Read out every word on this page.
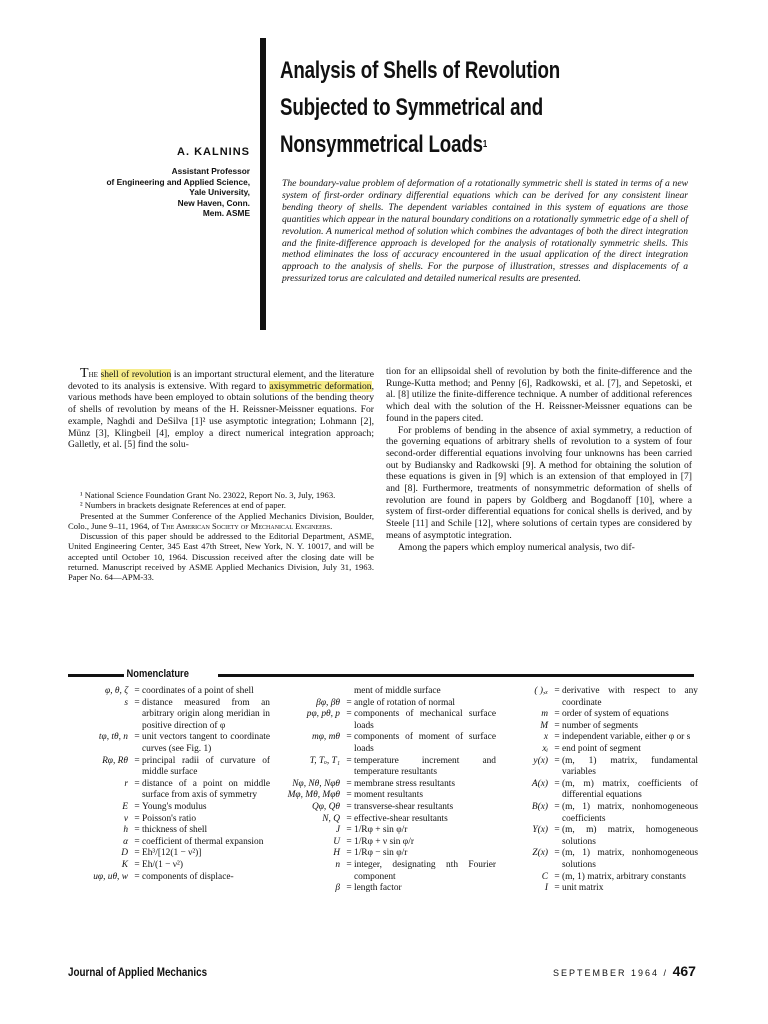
A. KALNINS
Assistant Professor
of Engineering and Applied Science,
Yale University,
New Haven, Conn.
Mem. ASME
Analysis of Shells of Revolution
Subjected to Symmetrical and
Nonsymmetrical Loads$^1$
The boundary-value problem of deformation of a rotationally symmetric shell is stated in terms of a new system of first-order ordinary differential equations which can be derived for any consistent linear bending theory of shells. The dependent variables contained in this system of equations are those quantities which appear in the natural boundary conditions on a rotationally symmetric edge of a shell of revolution. A numerical method of solution which combines the advantages of both the direct integration and the finite-difference approach is developed for the analysis of rotationally symmetric shells. This method eliminates the loss of accuracy encountered in the usual application of the direct integration approach to the analysis of shells. For the purpose of illustration, stresses and displacements of a pressurized torus are calculated and detailed numerical results are presented.

The shell of revolution is an important structural element, and the literature devoted to its analysis is extensive. With regard to axisymmetric deformation, various methods have been employed to obtain solutions of the bending theory of shells of revolution by means of the H. Reissner-Meissner equations. For example, Naghdi and DeSilva [1]² use asymptotic integration; Lohmann [2], Münz [3], Klingbeil [4], employ a direct numerical integration approach; Galletly, et al. [5] find the solu-

¹ National Science Foundation Grant No. 23022, Report No. 3, July, 1963.

² Numbers in brackets designate References at end of paper.

Presented at the Summer Conference of the Applied Mechanics Division, Boulder, Colo., June 9–11, 1964, of The American Society of Mechanical Engineers.

Discussion of this paper should be addressed to the Editorial Department, ASME, United Engineering Center, 345 East 47th Street, New York, N. Y. 10017, and will be accepted until October 10, 1964. Discussion received after the closing date will be returned. Manuscript received by ASME Applied Mechanics Division, July 31, 1963. Paper No. 64—APM-33.

tion for an ellipsoidal shell of revolution by both the finite-difference and the Runge-Kutta method; and Penny [6], Radkowski, et al. [7], and Sepetoski, et al. [8] utilize the finite-difference technique. A number of additional references which deal with the solution of the H. Reissner-Meissner equations can be found in the papers cited.

For problems of bending in the absence of axial symmetry, a reduction of the governing equations of arbitrary shells of revolution to a system of four second-order differential equations involving four unknowns has been carried out by Budiansky and Radkowski [9]. A method for obtaining the solution of these equations is given in [9] which is an extension of that employed in [7] and [8]. Furthermore, treatments of nonsymmetric deformation of shells of revolution are found in papers by Goldberg and Bogdanoff [10], where a system of first-order differential equations for conical shells is derived, and by Steele [11] and Schile [12], where solutions of certain types are considered by means of asymptotic integration.

Among the papers which employ numerical analysis, two dif-

Nomenclature
φ, θ, ζ = coordinates of a point of shell
s = distance measured from an arbitrary origin along meridian in positive direction of φ
tφ, tθ, n = unit vectors tangent to coordinate curves (see Fig. 1)
Rφ, Rθ = principal radii of curvature of middle surface
r = distance of a point on middle surface from axis of symmetry
E = Young's modulus
ν = Poisson's ratio
h = thickness of shell
α = coefficient of thermal expansion
D = Eh³/[12(1 − ν²)]
K = Eh/(1 − ν²)
uφ, uθ, w = components of displace-
ment of middle surface
βφ, βθ = angle of rotation of normal
pφ, pθ, p = components of mechanical surface loads
mφ, mθ = components of moment of surface loads
T, Tₒ, T₁ = temperature increment and temperature resultants
Nφ, Nθ, Nφθ = membrane stress resultants
Mφ, Mθ, Mφθ = moment resultants
Qφ, Qθ = transverse-shear resultants
N, Q = effective-shear resultants
J = 1/Rφ + sin φ/r
U = 1/Rφ + ν sin φ/r
H = 1/Rφ − sin φ/r
n = integer, designating nth Fourier component
β = length factor
( ),ₓ = derivative with respect to any coordinate
m = order of system of equations
M = number of segments
x = independent variable, either φ or s
xᵢ = end point of segment
y(x) = (m, 1) matrix, fundamental variables
A(x) = (m, m) matrix, coefficients of differential equations
B(x) = (m, 1) matrix, nonhomogeneous coefficients
Y(x) = (m, m) matrix, homogeneous solutions
Z(x) = (m, 1) matrix, nonhomogeneous solutions
C = (m, 1) matrix, arbitrary constants
I = unit matrix
Journal of Applied Mechanics	SEPTEMBER 1964 / 467
